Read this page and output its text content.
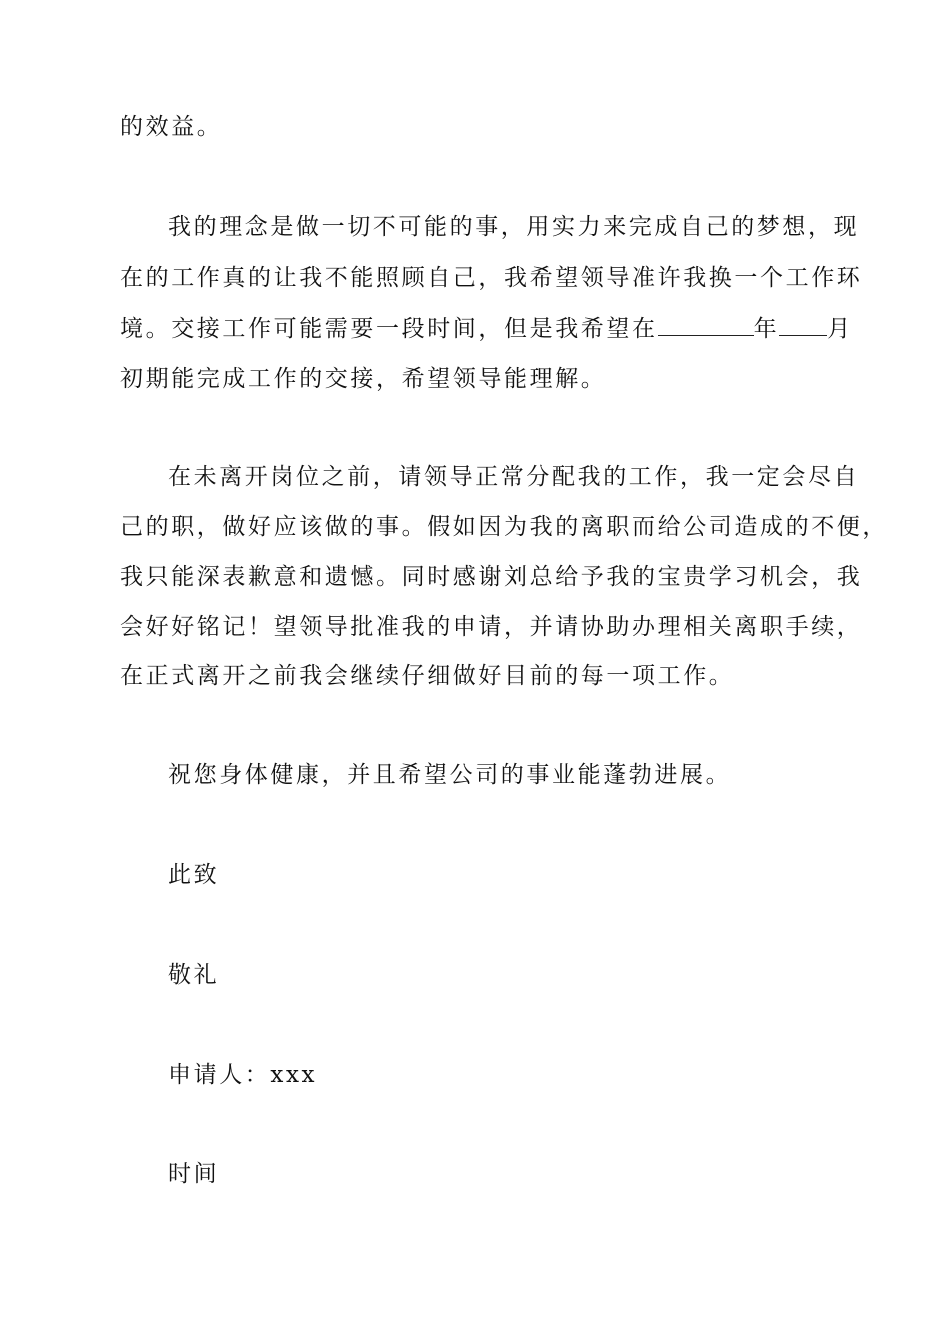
的效益。
我的理念是做一切不可能的事，用实力来完成自己的梦想，现
在的工作真的让我不能照顾自己，我希望领导准许我换一个工作环
境。交接工作可能需要一段时间，但是我希望在	年 月
初期能完成工作的交接，希望领导能理解。
在未离开岗位之前，请领导正常分配我的工作，我一定会尽自
己的职，做好应该做的事。假如因为我的离职而给公司造成的不便，
我只能深表歉意和遗憾。同时感谢刘总给予我的宝贵学习机会，我
会好好铭记！望领导批准我的申请，并请协助办理相关离职手续，
在正式离开之前我会继续仔细做好目前的每一项工作。
祝您身体健康，并且希望公司的事业能蓬勃进展。
此致
敬礼
申请人：xxx
时间
